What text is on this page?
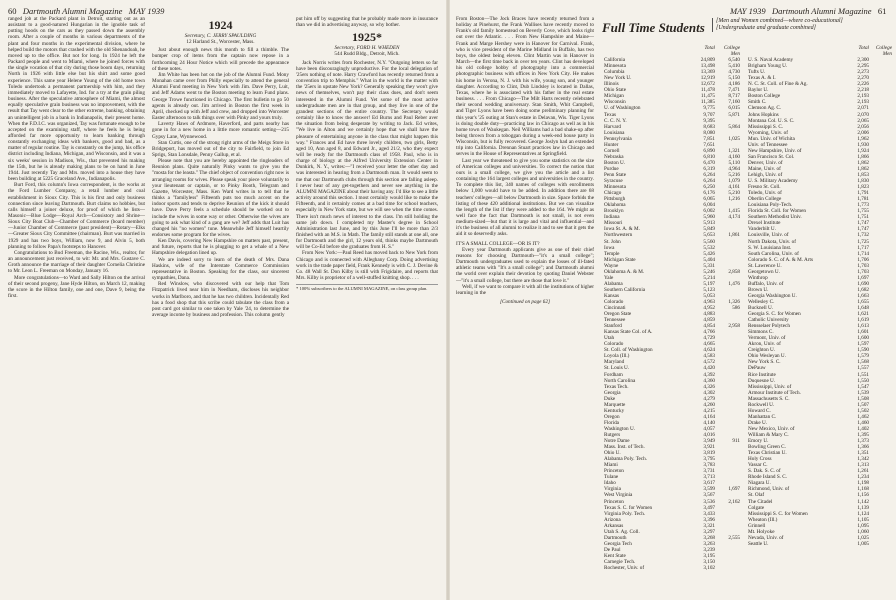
60 Dartmouth Alumni Magazine MAY 1939

ranged job at the Packard plant in Detroit, starting out as an assistant to a good-natured Hungarian in the ignoble task of putting hoods on the cars as they passed down the assembly room. After a couple of months in various departments of the plant and four months in the experimental division, where he helped build the motors that crashed with the old Shenandoah, he moved up to the office. But not for long. In 1924 he left the Packard people and went to Miami, where he joined forces with the single vocation of that city during those boom days, returning North in 1926 with little else but his shirt and some good experience. This same year Helene Young of the old home town Toledo undertook a permanent partnership with him, and they immediately moved to Lafayette, Ind. for a try at the grain piling business. After the speculative atmosphere of Miami, the almost equally speculative grain business was no improvement, with the result that Tay went clear to the other extreme, banking, obtaining an unintelligent job in a bank in Indianapolis, their present home. When the F.D.I.C. was organized, Tay was fortunate enough to be accepted on the examining staff, where he feels he is being afforded far more opportunity to learn banking through constantly exchanging ideas with bankers, good and bad, as a matter of regular routine. Tay is constantly on the jump, his office district including Indiana, Michigan, and Wisconsin, and it was a six weeks' session in Madison, Wis., that prevented his making the 15th, but he is already making plans to be on hand in June 1944. Just recently Tay and Mrs. moved into a house they have been building at 5225 Graceland Ave., Indianapolis.

Burt Ford, this column's Iowa correspondent, is the works at the Ford Lumber Company, a retail lumber and coal establishment in Sioux City. This is his first and only business connection since leaving Dartmouth. Burt claims no hobbies, but calls himself a joiner deluxe, for proof of which he lists—Masonic—Blue Lodge—Royal Arch—Consistory and Shrine—Sioux City Boat Club—Chamber of Commerce (board member)—Junior Chamber of Commerce (past president)—Rotary—Elks—Greater Sioux City Committee (chairman). Burt was married in 1929 and has two boys, William, now 9, and Alvin 5, both planning to follow Papa's footsteps to Hanover.

Congratulations to Bud Freeman, the Racine, Wis., realtor, for an announcement just received, to wit: Mr. and Mrs. Gustave C. Groth announce the marriage of their daughter Cornelia Christine to Mr. Leon L. Freeman on Monday, January 16.

More congratulations—to Ward and Sally Hilton on the arrival of their second progeny, Jane Hyde Hilton, on March 12, making the score in the Hilton family, one and one, Dave 9, being the first.

1924

Secretary, C. JERRY SPAULDING

12 Harland St., Worcester, Mass.

Just about enough news this month to fill a thimble. The bumper crop of items from the captain now repose in a forthcoming 24 Hour Notice which will precede the appearance of these notes.

Jim White has been hot on the job of the Alumni Fund. Mony Monahan came over from Philly especially to attend the general Alumni Fund meeting in New York with Jim. Dave Perry, Luit, and Jeff Adams went to the Boston meeting to learn Fund plans. George Trowe functioned in Chicago. The first bulletin to go 50 agents is already out. Jim arrived in Boston the first week in April, checked up with Jeff and crew, and dropped into Worcester Easter afternoon to talk things over with Pinky and yours truly.

Laverty Haws of Ardmore, Haverford, and parts nearby has gone in for a new home in a little more romantic setting—215 Gypsy Lane, Wynnewood.

Stan Curtis, one of the strong right arms of the Meigs Store in Bridgeport, has moved out of the city to Fairfield, to join Ed Sprigs, Stan Lonsdale, Penny Gallup, et al.

Please note that you are hereby appointed the ringleaders of Reunion plans. Quite naturally Pinky wants to give you the "mosta for the leasta." The chief object of convention right now is arranging rooms for wives. Please speak your piece voluntarily to your lieutenant or captain, or to Pinky Booth, Telegram and Gazette, Worcester, Mass. Ken Ward writes in to tell that he thinks a "familyless" Fifteenth puts too much accent on the indoor sports and tends to deprive Reunion of the kick it should have. Dave Perry feels a schedule should be worked out to include the wives in some way or other. Otherwise the wives are going to ask what kind of a gang are we? Jeff adds that Luit has changed his "no women" tune. Meanwhile Jeff himself heartily endorses some program for the wives.

Ken Davis, covering New Hampshire on matters past, present, and future, reports that he is plugging to get a whale of a New Hampshire delegation lined up.

We are indeed sorry to learn of the death of Mrs. Dana Haskins, wife of the Interstate Commerce Commission representative in Boston. Speaking for the class, our sincerest sympathies, Dana.

Red Winslow, who discovered with our help that Tom Fitzpatrick lived near him in Needham, discloses his neighbor works in Marlboro, and that he has two children. Incidentally Red has a food shop that this scribe could tabulate the class from a post card got similar to one taken by Yale '24, to determine the average income by business and profession. This column gently

put him off by suggesting that he probably made more in insurance than we did in advertising anyway, so why bother.

1925*

Secretary, FORD H. WHEDEN

544 Rudd Bldg., Detroit, Mich.

Jack Norris writes from Rochester, N.Y. "Outgoing letters so far have been discouragingly unproductive. For the local delegation of '25ers nothing of note. Harry Crawford has recently returned from a convention trip to Memphis." What in the world is the matter with the '25ers in upstate New York? Generally speaking they won't give news of themselves, won't pay their class dues, and don't seem interested in the Alumni Fund. Yet some of the most active undergraduate men are in that group, and they live in one of the grandest sections of the entire country. The Secretary would certainly like to know the answer! Ed Burns and Paul Reber aver the situation from being desperate by writing to Jack. Ed writes, "We live in Alton and we certainly hope that we shall have the pleasure of entertaining anyone in the class that might happen this way." Frances and Ed have three lovely children, two girls, Betty aged 10, Ann aged 8, and Edward Jr., aged 21/2, who they expect will be ready for the Dartmouth class of 1958. Paul, who is in charge of biology at the Alfred University Extension Center in Dunkirk, N. Y., writes:—"I received your letter the other day and was interested in hearing from a Dartmouth man. It would seem to me that our Dartmouth clubs through this section are falling asleep. I never hear of any get-togethers and never see anything in the ALUMNI MAGAZINE about their having any. I'd like to see a little activity around this section. I most certainly would like to make the Fifteenth, and it certainly comes at a bad time for school teachers, especially in New York state, but we will see when the time comes. There isn't much news of interest to the class. I'm still holding the same job down. I completed my Master's degree in School Administration last June, and by this June I'll be more than 2/3 finished with an M.S. in Math. The family still stands at one all, one for Dartmouth and the girl, 12 years old, thinks maybe Dartmouth will be Co-Ed before she graduates from H. S."

From New York:—Paul Reed has moved back to New York from Chicago and is connected with Alleghany Corp. Doing advertising work in the trade paper field, Frank Kennedy is with C. J. Devine & Co. 48 Wall St. Don Kilby is still with Frigidaire, and reports that Mrs. Kilby is proprietor of a well-stuffed knitting shop. . . .

* 100% subscribers to the ALUMNI MAGAZINE, on class group plan.

From Boston—The Jock Braces have recently returned from a holiday at Pinehurst, the Frank Wallises have recently moved to Frank's old family homestead on Beverly Cove, which looks right out over the Atlantic. . . . From New Hampshire and Maine—Frank and Marge Hershey were in Hanover for Carnival. Frank, who is vice president of the Marine Midland in Buffalo, has two boys, the oldest being eleven. Clint Martin was in Hanover in March—the first time back in over ten years. Clint has developed his old college hobby of photography into a commercial photographic business with offices in New York City. He makes his home in Verona, N. J. with his wife, young son, and younger daughter. According to Clint, Dub Lindsley is located in Dallas, Texas, where he is associated with his father in the real estate business. . . . From Chicago—The Milt Harts recently celebrated their second wedding anniversary. Stan Smith, Whit Campbell, and Tiger Lyons have been doing some preliminary planning for this year's '25 outing at Stan's estate in Delavan, Wis. Tiger Lyons is doing double duty—practicing law in Chicago as well as in his home town of Waukegan. Neil Williams had a bad shake-up after being thrown from a toboggan during a week-end house party in Wisconsin, but is fully recovered. George Joslyn had an extended trip into California. Drennan Stuart practices law in Chicago and serves in the House of Representatives at Springfield.

Last year we threatened to give you some statistics on the size of American colleges and universities. To correct the notion that ours is a small college, we give you the article and a list containing the 164 largest colleges and universities in the country. To complete this list, 340 names of colleges with enrollments below 1,000 would have to be added. In addition there are 68 teachers' colleges—all below Dartmouth in size. Space forbids the listing of these 420 additional institutions. But we can visualize the length of the list if they were added to the 164. We might as well face the fact that Dartmouth is not small, is not even medium-sized—but that it is large and vital and influential—and it's the business of all alumni to realize it and to see that it gets the aid it so deservedly asks.

IT'S A SMALL COLLEGE—OR IS IT?

Every year Dartmouth applicants give as one of their chief reasons for choosing Dartmouth—"it's a small college"; Dartmouth undergraduates used to explain the losses of ill-fated athletic teams with "It's a small college"; and Dartmouth alumni the world over explain their devotion by quoting Daniel Webster—"it's a small college, but there are those that love it."

Well, if we want to compare it with all the institutions of higher learning in the

[Continued on page 62]

MAY 1939 Dartmouth Alumni Magazine 61
Full Time Students	[Men and Women combined—where co-educational] [Undergraduate and graduate combined]
Total	College Men
California	24,809	6,540
Minnesota	13,498	5,410
Columbia	13,369	4,730
New York U.	12,919	5,150
Illinois	12,672	4,186
Ohio State	11,478	7,471
Michigan	11,475	8,717
Wisconsin	11,385	7,160
U. of Washington	9,775	6,015
Texas	9,707	5,871
C. C. N. Y.	9,395
Harvard	8,683	5,864
Louisiana	8,080
Pennsylvania	7,851	1,025
Hunter	7,651
Cornell	6,890	1,321
Nebraska	6,810	4,160
Boston U.	6,470	5,110
Purdue	6,319	4,964
Penn State	6,264	5,216
Syracuse	6,264	1,079
Minnesota	6,250	4,161
Chicago	6,176	5,210
Pittsburgh	6,065	1,216
Oklahoma	6,004
Brooklyn	6,002	1,415
Indiana	5,960	4,174
Missouri	5,913
Iowa St. A. & M.	5,849
Northwestern	5,653	1,861
St. John	5,560
Iowa	5,532
Temple	5,426
Michigan State	5,404
Wayne	5,331
Oklahoma A. & M.	5,246	2,858
Yale	5,214
Alabama	5,197	1,476
Southern California	5,123
Kansas	5,053
Colorado	4,963	1,326
Cincinnati	4,952	586
Oregon State	4,883
Tennessee	4,859
Stanford	4,854	2,958
Kansas State Col. of A.	4,766
Utah	4,729
Colorado	4,665
St. Coll. of Washington	4,624
Loyola (Ill.)	4,583
Maryland	4,572
St. Louis U.	4,420
Fordham	4,392
North Carolina	4,360
Texas Tech.	4,326
Georgia	4,302
Duke	4,279
Marquette	4,260
Kentucky	4,215
Oregon	4,164
Florida	4,140
Washington U.	4,057
Rutgers	4,016
Notre Dame	3,949	911
Mass. Inst. of Tech.	3,921
Ohio U.	3,819
Alabama Poly. Tech.	3,795
Miami	3,783
Princeton	3,731
Tulane	3,713
Idaho	3,617
Virginia	3,599	1,697
West Virginia	3,567
Princeton	3,536	2,162
Texas S. C. for Women	3,497
Virginia Poly. Tech.	3,433
Arizona	3,396
Arkansas	3,321
Utah S. Ag. Coll.	3,297
Dartmouth	3,268	2,555
Georgia Tech	3,263
De Paul	3,239
Kent State	3,195
Carnegie Tech.	3,150
Rochester, Univ. of	3,102
Total	College Men
U. S. Naval Academy	2,300
Brigham Young U.	2,295
Tufts U.	2,273
Texas A. & I.	2,270
N. C. St. Coll. of Fine & Ag.	2,226
Baylor U.	2,218
Boston College	2,193
Smith C.	2,193
Clemson Ag. C.	2,071
Johns Hopkins	2,070
Montana Col. U. S. C.	2,065
Mississippi S. C.	2,056
Wyoming, Univ. of	2,006
Mun. Univ. of Wichita	1,962
Univ. of Tennessee	1,930
New Hampshire, Univ. of	1,924
San Francisco St. Col.	1,866
Denver, Univ. of	1,862
Maine, Univ. of	1,862
Lehigh, Univ. of	1,853
U. S. Military Academy	1,830
Fresno St. Coll.	1,823
Toledo, Univ. of	1,791
Oberlin College	1,781
Louisiana Poly-Tech.	1,773
Florida St. Coll. for Women	1,755
Southern Methodist Univ.	1,751
Drexel Institute	1,747
Vanderbilt U.	1,747
Louisville, Univ. of	1,732
North Dakota, Univ. of	1,725
S. W. Louisiana Inst.	1,717
South Carolina, Univ. of	1,714
Colorado S. C. of A. & M. Arts	1,706
St. Lawrence U.	1,703
Georgetown U.	1,703
Winthrop	1,697
Buffalo, Univ. of	1,690
Brown U.	1,682
Georgia Washington U.	1,663
Wellesley C.	1,655
Bucknell U.	1,648
Georgia S. C. for Women	1,621
Catholic University	1,619
Rensselaer Polytech	1,613
Simmons C.	1,601
Vermont, Univ. of	1,600
Akron, Univ. of	1,597
Creighton U.	1,590
Ohio Wesleyan U.	1,579
New York S. C.	1,568
DePauw	1,557
Rice Institute	1,551
Duquesne U.	1,550
Mississippi, Univ. of	1,547
Armour Institute of Tech.	1,539
Massachusetts S. C.	1,508
Rockwell U.	1,507
Howard C.	1,502
Manhattan C.	1,462
Drake U.	1,460
New Mexico, Univ. of	1,402
William & Mary C.	1,395
Emory U.	1,373
Bowling Green C.	1,366
Texas Christian U.	1,351
Holy Cross	1,342
Vassar C.	1,313
S. Dak. S. C. of	1,261
Rhode Island S. C.	1,234
Niagara U.	1,198
Richmond, Univ. of	1,168
St. Olaf	1,156
The Citadel	1,142
Colgate	1,139
Mississippi S. C. for Women	1,124
Wheaton (Ill.)	1,105
Grinnell	1,095
Mt. Holyoke	1,060
Nevada, Univ. of	1,025
Seattle U.	1,005
